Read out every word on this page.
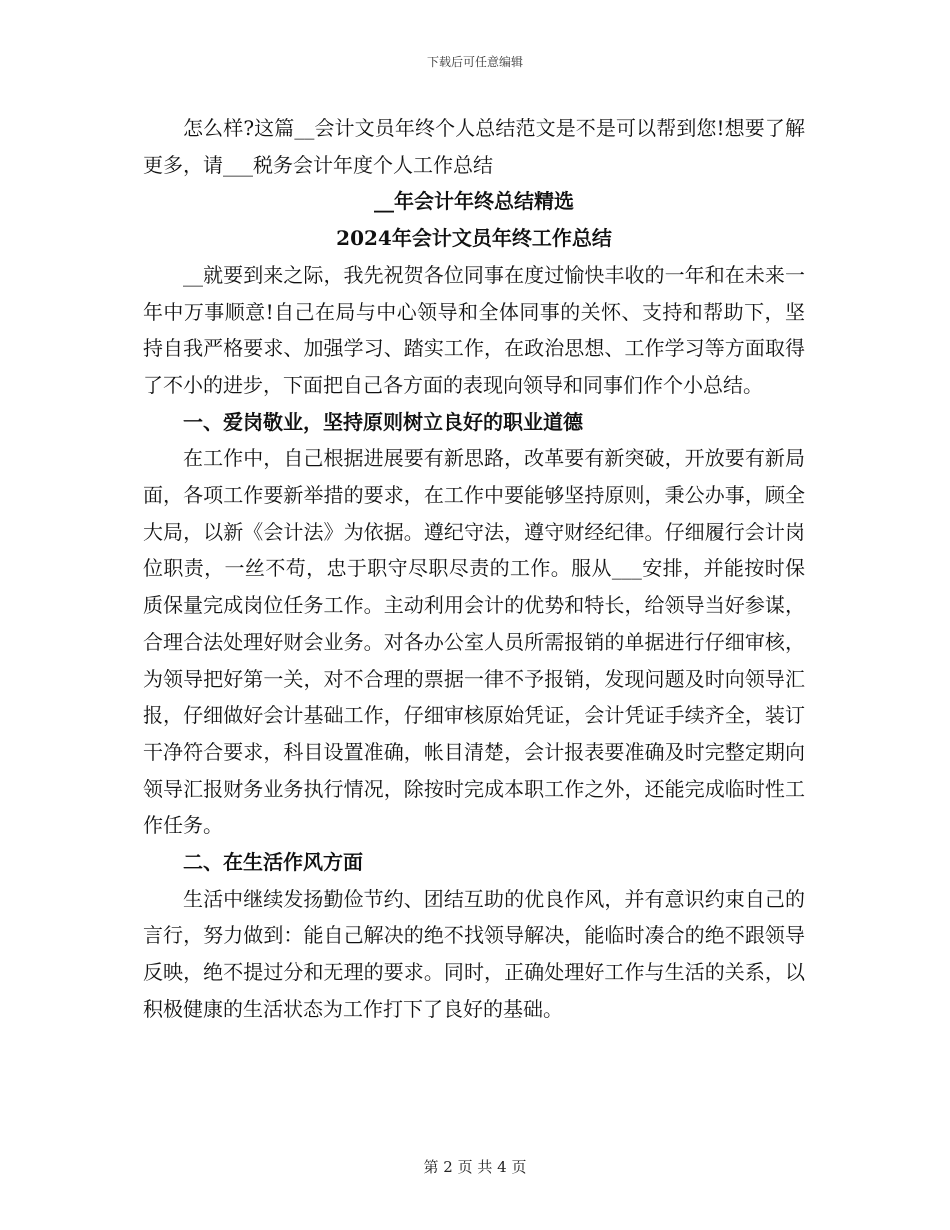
下载后可任意编辑

怎么样?这篇__会计文员年终个人总结范文是不是可以帮到您!想要了解更多，请___税务会计年度个人工作总结

__年会计年终总结精选

2024年会计文员年终工作总结

__就要到来之际，我先祝贺各位同事在度过愉快丰收的一年和在未来一年中万事顺意!自己在局与中心领导和全体同事的关怀、支持和帮助下，坚持自我严格要求、加强学习、踏实工作，在政治思想、工作学习等方面取得了不小的进步，下面把自己各方面的表现向领导和同事们作个小总结。

一、爱岗敬业，坚持原则树立良好的职业道德

在工作中，自己根据进展要有新思路，改革要有新突破，开放要有新局面，各项工作要新举措的要求，在工作中要能够坚持原则，秉公办事，顾全大局，以新《会计法》为依据。遵纪守法，遵守财经纪律。仔细履行会计岗位职责，一丝不苟，忠于职守尽职尽责的工作。服从___安排，并能按时保质保量完成岗位任务工作。主动利用会计的优势和特长，给领导当好参谋，合理合法处理好财会业务。对各办公室人员所需报销的单据进行仔细审核，为领导把好第一关，对不合理的票据一律不予报销，发现问题及时向领导汇报，仔细做好会计基础工作，仔细审核原始凭证，会计凭证手续齐全，装订干净符合要求，科目设置准确，帐目清楚，会计报表要准确及时完整定期向领导汇报财务业务执行情况，除按时完成本职工作之外，还能完成临时性工作任务。

二、在生活作风方面

生活中继续发扬勤俭节约、团结互助的优良作风，并有意识约束自己的言行，努力做到：能自己解决的绝不找领导解决，能临时凑合的绝不跟领导反映，绝不提过分和无理的要求。同时，正确处理好工作与生活的关系，以积极健康的生活状态为工作打下了良好的基础。

第 2 页 共 4 页
